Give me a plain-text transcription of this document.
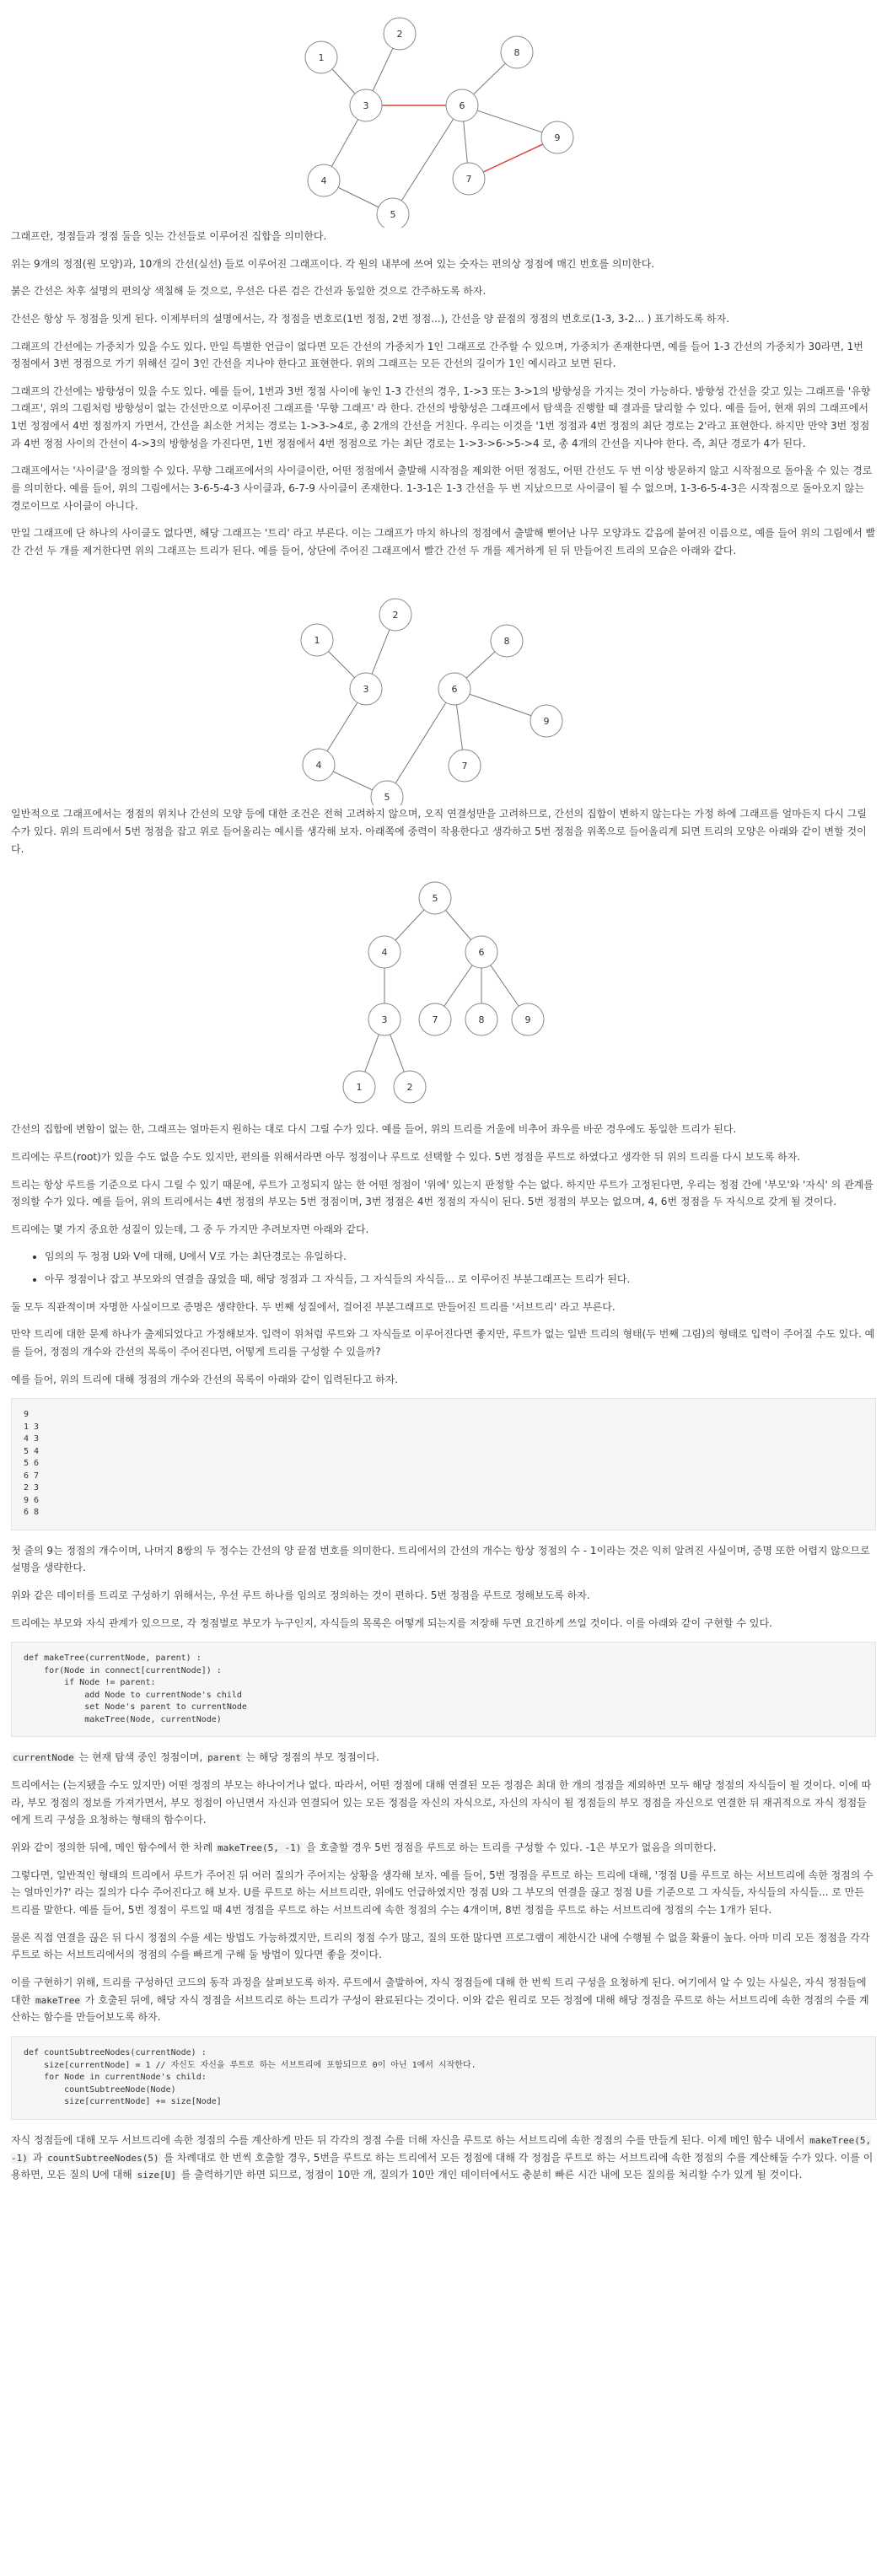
1
2
3
4
5
6
7
8
9
그래프란, 정점들과 정점 둘을 잇는 간선들로 이루어진 집합을 의미한다.
위는 9개의 정점(원 모양)과, 10개의 간선(실선) 들로 이루어진 그래프이다. 각 원의 내부에 쓰여 있는 숫자는 편의상 정점에 매긴 번호를 의미한다.
붉은 간선은 차후 설명의 편의상 색칠해 둔 것으로, 우선은 다른 검은 간선과 동일한 것으로 간주하도록 하자.
간선은 항상 두 정점을 잇게 된다. 이제부터의 설명에서는, 각 정점을 번호로(1번 정점, 2번 정점...), 간선을 양 끝점의 정점의 번호로(1-3, 3-2... ) 표기하도록 하자.
그래프의 간선에는 가중치가 있을 수도 있다. 만일 특별한 언급이 없다면 모든 간선의 가중치가 1인 그래프로 간주할 수 있으며, 가중치가 존재한다면, 예를 들어 1-3 간선의 가중치가 30라면, 1번 정점에서 3번 정점으로 가기 위해선 길이 3인 간선을 지나야 한다고 표현한다. 위의 그래프는 모든 간선의 길이가 1인 예시라고 보면 된다.
그래프의 간선에는 방향성이 있을 수도 있다. 예를 들어, 1번과 3번 정점 사이에 놓인 1-3 간선의 경우, 1->3 또는 3->1의 방향성을 가지는 것이 가능하다. 방향성 간선을 갖고 있는 그래프를 '유향 그래프', 위의 그림처럼 방향성이 없는 간선만으로 이루어진 그래프를 '무향 그래프' 라 한다. 간선의 방향성은 그래프에서 탐색을 진행할 때 결과를 달리할 수 있다. 예를 들어, 현재 위의 그래프에서 1번 정점에서 4번 정점까지 가면서, 간선을 최소한 거치는 경로는 1->3->4로, 총 2개의 간선을 거친다. 우리는 이것을 '1번 정점과 4번 정점의 최단 경로는 2'라고 표현한다. 하지만 만약 3번 정점과 4번 정점 사이의 간선이 4->3의 방향성을 가진다면, 1번 정점에서 4번 정점으로 가는 최단 경로는 1->3->6->5->4 로, 총 4개의 간선을 지나야 한다. 즉, 최단 경로가 4가 된다.
그래프에서는 '사이클'을 정의할 수 있다. 무향 그래프에서의 사이클이란, 어떤 정점에서 출발해 시작점을 제외한 어떤 정점도, 어떤 간선도 두 번 이상 방문하지 않고 시작점으로 돌아올 수 있는 경로를 의미한다. 예를 들어, 위의 그림에서는 3-6-5-4-3 사이클과, 6-7-9 사이클이 존재한다. 1-3-1은 1-3 간선을 두 번 지났으므로 사이클이 될 수 없으며, 1-3-6-5-4-3은 시작점으로 돌아오지 않는 경로이므로 사이클이 아니다.
만일 그래프에 단 하나의 사이클도 없다면, 해당 그래프는 '트리' 라고 부른다. 이는 그래프가 마치 하나의 정점에서 출발해 뻗어난 나무 모양과도 같음에 붙여진 이름으로, 예를 들어 위의 그림에서 빨간 간선 두 개를 제거한다면 위의 그래프는 트리가 된다. 예를 들어, 상단에 주어진 그래프에서 빨간 간선 두 개를 제거하게 된 뒤 만들어진 트리의 모습은 아래와 같다.
1
2
3
4
5
6
7
8
9
일반적으로 그래프에서는 정점의 위치나 간선의 모양 등에 대한 조건은 전혀 고려하지 않으며, 오직 연결성만을 고려하므로, 간선의 집합이 변하지 않는다는 가정 하에 그래프를 얼마든지 다시 그릴 수가 있다. 위의 트리에서 5번 정점을 잡고 위로 들어올리는 예시를 생각해 보자. 아래쪽에 중력이 작용한다고 생각하고 5번 정점을 위쪽으로 들어올리게 되면 트리의 모양은 아래와 같이 변할 것이다.
5
4	6
3	7	8	9
1	2
간선의 집합에 변함이 없는 한, 그래프는 얼마든지 원하는 대로 다시 그릴 수가 있다. 예를 들어, 위의 트리를 거울에 비추어 좌우를 바꾼 경우에도 동일한 트리가 된다.
트리에는 루트(root)가 있을 수도 없을 수도 있지만, 편의를 위해서라면 아무 정점이나 루트로 선택할 수 있다. 5번 정점을 루트로 하였다고 생각한 뒤 위의 트리를 다시 보도록 하자.
트리는 항상 루트를 기준으로 다시 그릴 수 있기 때문에, 루트가 고정되지 않는 한 어떤 정점이 '위에' 있는지 판정할 수는 없다. 하지만 루트가 고정된다면, 우리는 정점 간에 '부모'와 '자식' 의 관계를 정의할 수가 있다. 예를 들어, 위의 트리에서는 4번 정점의 부모는 5번 정점이며, 3번 정점은 4번 정점의 자식이 된다. 5번 정점의 부모는 없으며, 4, 6번 정점을 두 자식으로 갖게 될 것이다.
트리에는 몇 가지 중요한 성질이 있는데, 그 중 두 가지만 추려보자면 아래와 같다.
• 임의의 두 정점 U와 V에 대해, U에서 V로 가는 최단경로는 유일하다.
• 아무 정점이나 잡고 부모와의 연결을 끊었을 때, 해당 정점과 그 자식들, 그 자식들의 자식들... 로 이루어진 부분그래프는 트리가 된다.
둘 모두 직관적이며 자명한 사실이므로 증명은 생략한다. 두 번째 성질에서, 걸어진 부분그래프로 만들어진 트리를 '서브트리' 라고 부른다.
만약 트리에 대한 문제 하나가 출제되었다고 가정해보자. 입력이 위처럼 루트와 그 자식들로 이루어진다면 좋지만, 루트가 없는 일반 트리의 형태(두 번째 그림)의 형태로 입력이 주어질 수도 있다. 예를 들어, 정점의 개수와 간선의 목록이 주어진다면, 어떻게 트리를 구성할 수 있을까?
예를 들어, 위의 트리에 대해 정점의 개수와 간선의 목록이 아래와 같이 입력된다고 하자.
9
1 3
4 3
5 4
5 6
6 7
2 3
9 6
6 8
첫 줄의 9는 정점의 개수이며, 나머지 8쌍의 두 정수는 간선의 양 끝점 번호를 의미한다. 트리에서의 간선의 개수는 항상 정점의 수 - 1이라는 것은 익히 알려진 사실이며, 증명 또한 어렵지 않으므로 설명을 생략한다.
위와 같은 데이터를 트리로 구성하기 위해서는, 우선 루트 하나를 임의로 정의하는 것이 편하다. 5번 정점을 루트로 정해보도록 하자.
트리에는 부모와 자식 관계가 있으므로, 각 정점별로 부모가 누구인지, 자식들의 목록은 어떻게 되는지를 저장해 두면 요긴하게 쓰일 것이다. 이를 아래와 같이 구현할 수 있다.
def makeTree(currentNode, parent) :
for(Node in connect[currentNode]) :
if Node != parent:
add Node to currentNode's child
set Node's parent to currentNode
makeTree(Node, currentNode)
currentNode 는 현재 탐색 중인 정점이며, parent 는 해당 정점의 부모 정점이다.
트리에서는 (는지됐을 수도 있지만) 어떤 정점의 부모는 하나이거나 없다. 따라서, 어떤 정점에 대해 연결된 모든 정점은 최대 한 개의 정점을 제외하면 모두 해당 정점의 자식들이 될 것이다. 이에 따라, 부모 정점의 정보를 가져가면서, 부모 정점이 아닌면서 자신과 연결되어 있는 모든 정점을 자신의 자식으로, 자신의 자식이 될 정점들의 부모 정점을 자신으로 연결한 뒤 재귀적으로 자식 정점들에게 트리 구성을 요청하는 형태의 함수이다.
위와 같이 정의한 뒤에, 메인 함수에서 한 차례 makeTree(5, -1) 을 호출할 경우 5번 정점을 루트로 하는 트리를 구성할 수 있다. -1은 부모가 없음을 의미한다.
그렇다면, 일반적인 형태의 트리에서 루트가 주어진 뒤 여러 질의가 주어지는 상황을 생각해 보자. 예를 들어, 5번 정점을 루트로 하는 트리에 대해, '정점 U를 루트로 하는 서브트리에 속한 정점의 수는 얼마인가?' 라는 질의가 다수 주어진다고 해 보자. U를 루트로 하는 서브트리란, 위에도 언급하였지만 정점 U와 그 부모의 연결을 끊고 정점 U를 기준으로 그 자식들, 자식들의 자식들... 로 만든 트리를 말한다. 예를 들어, 5번 정점이 루트일 때 4번 정점을 루트로 하는 서브트리에 속한 정점의 수는 4개이며, 8번 정점을 루트로 하는 서브트리에 정점의 수는 1개가 된다.
물론 직접 연결을 끊은 뒤 다시 정점의 수를 세는 방법도 가능하겠지만, 트리의 정점 수가 많고, 질의 또한 많다면 프로그램이 제한시간 내에 수행될 수 없을 확률이 높다. 아마 미리 모든 정점을 각각 루트로 하는 서브트리에서의 정점의 수를 빠르게 구해 둘 방법이 있다면 좋을 것이다.
이를 구현하기 위해, 트리를 구성하던 코드의 동작 과정을 살펴보도록 하자. 루트에서 출발하여, 자식 정점들에 대해 한 번씩 트리 구성을 요청하게 된다. 여기에서 알 수 있는 사실은, 자식 정점들에 대한 makeTree 가 호출된 뒤에, 해당 자식 정점을 서브트리로 하는 트리가 구성이 완료된다는 것이다. 이와 같은 원리로 모든 정점에 대해 해당 정점을 루트로 하는 서브트리에 속한 정점의 수를 계산하는 함수를 만들어보도록 하자.
def countSubtreeNodes(currentNode) :
size[currentNode] = 1 // 자신도 자신을 루트로 하는 서브트리에 포함되므로 0이 아닌 1에서 시작한다.
for Node in currentNode's child:
countSubtreeNode(Node)
size[currentNode] += size[Node]
자식 정점들에 대해 모두 서브트리에 속한 정점의 수를 계산하게 만든 뒤 각각의 정점 수를 더해 자신을 루트로 하는 서브트리에 속한 정점의 수를 만들게 된다. 이제 메인 함수 내에서 makeTree(5, -1) 과 countSubtreeNodes(5) 를 차례대로 한 번씩 호출할 경우, 5번을 루트로 하는 트리에서 모든 정점에 대해 각 정점을 루트로 하는 서브트리에 속한 정점의 수를 계산해둘 수가 있다. 이를 이용하면, 모든 질의 U에 대해 size[U] 를 출력하기만 하면 되므로, 정점이 10만 개, 질의가 10만 개인 데이터에서도 충분히 빠른 시간 내에 모든 질의를 처리할 수가 있게 될 것이다.
